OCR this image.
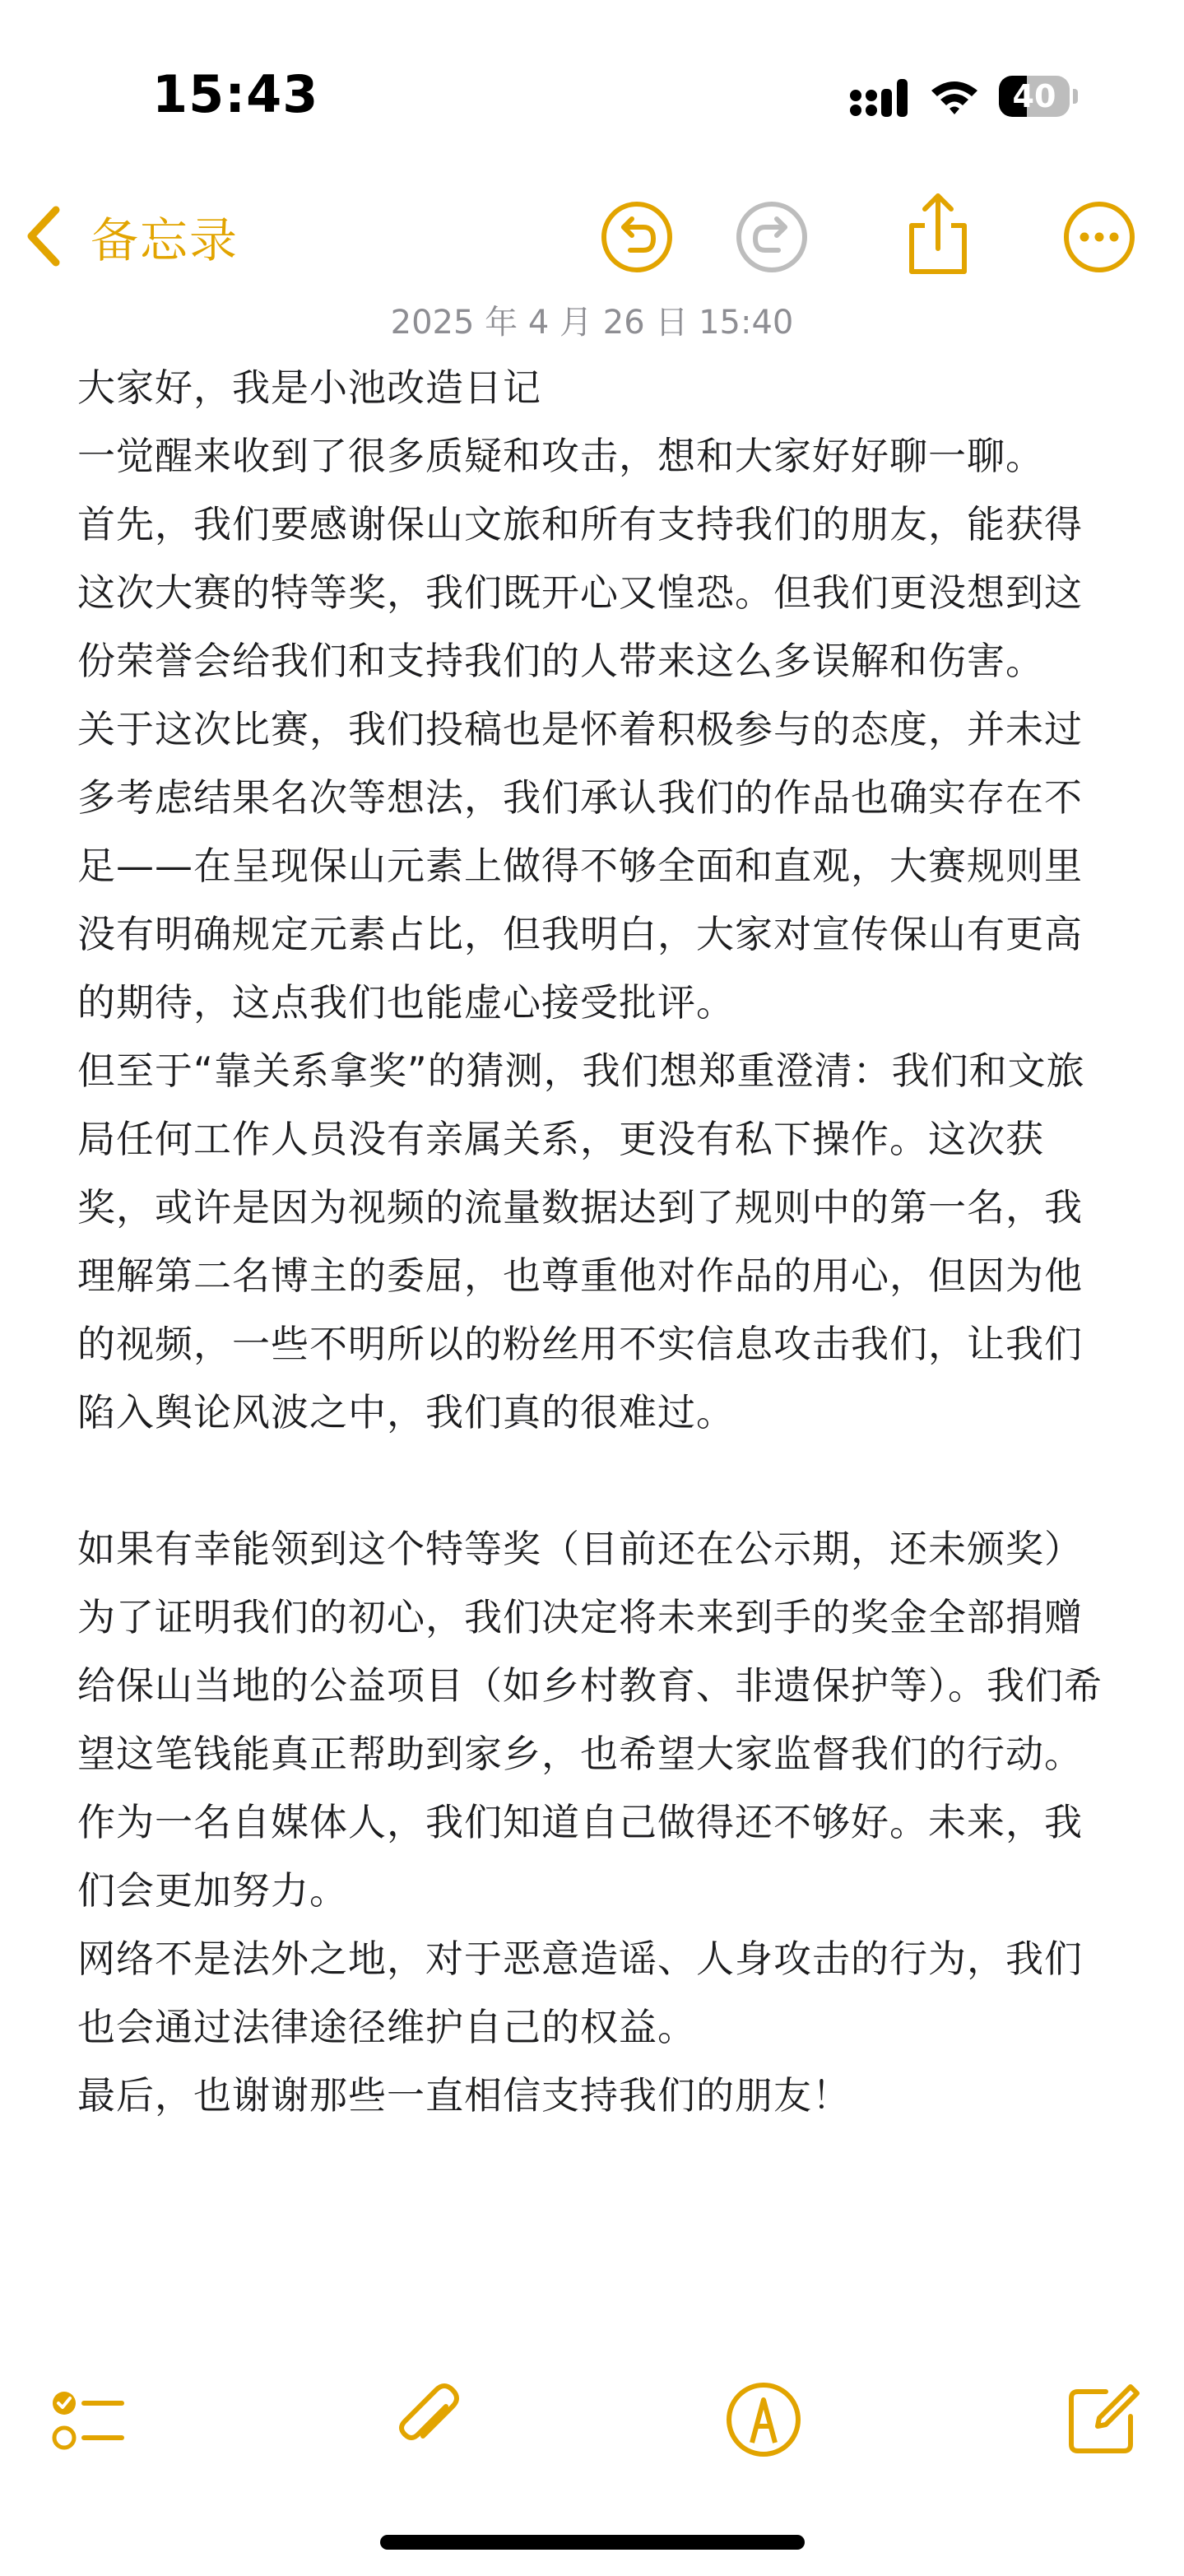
15:43	40
备忘录
2025 年 4 月 26 日 15:40

大家好，我是小池改造日记

一觉醒来收到了很多质疑和攻击，想和大家好好聊一聊。

首先，我们要感谢保山文旅和所有支持我们的朋友，能获得这次大赛的特等奖，我们既开心又惶恐。但我们更没想到这份荣誉会给我们和支持我们的人带来这么多误解和伤害。

关于这次比赛，我们投稿也是怀着积极参与的态度，并未过多考虑结果名次等想法，我们承认我们的作品也确实存在不足——在呈现保山元素上做得不够全面和直观，大赛规则里没有明确规定元素占比，但我明白，大家对宣传保山有更高的期待，这点我们也能虚心接受批评。

但至于“靠关系拿奖”的猜测，我们想郑重澄清：我们和文旅局任何工作人员没有亲属关系，更没有私下操作。这次获奖，或许是因为视频的流量数据达到了规则中的第一名，我理解第二名博主的委屈，也尊重他对作品的用心，但因为他的视频，一些不明所以的粉丝用不实信息攻击我们，让我们陷入舆论风波之中，我们真的很难过。

如果有幸能领到这个特等奖（目前还在公示期，还未颁奖）为了证明我们的初心，我们决定将未来到手的奖金全部捐赠给保山当地的公益项目（如乡村教育、非遗保护等）。我们希望这笔钱能真正帮助到家乡，也希望大家监督我们的行动。

作为一名自媒体人，我们知道自己做得还不够好。未来，我们会更加努力。

网络不是法外之地，对于恶意造谣、人身攻击的行为，我们也会通过法律途径维护自己的权益。

最后，也谢谢那些一直相信支持我们的朋友！
